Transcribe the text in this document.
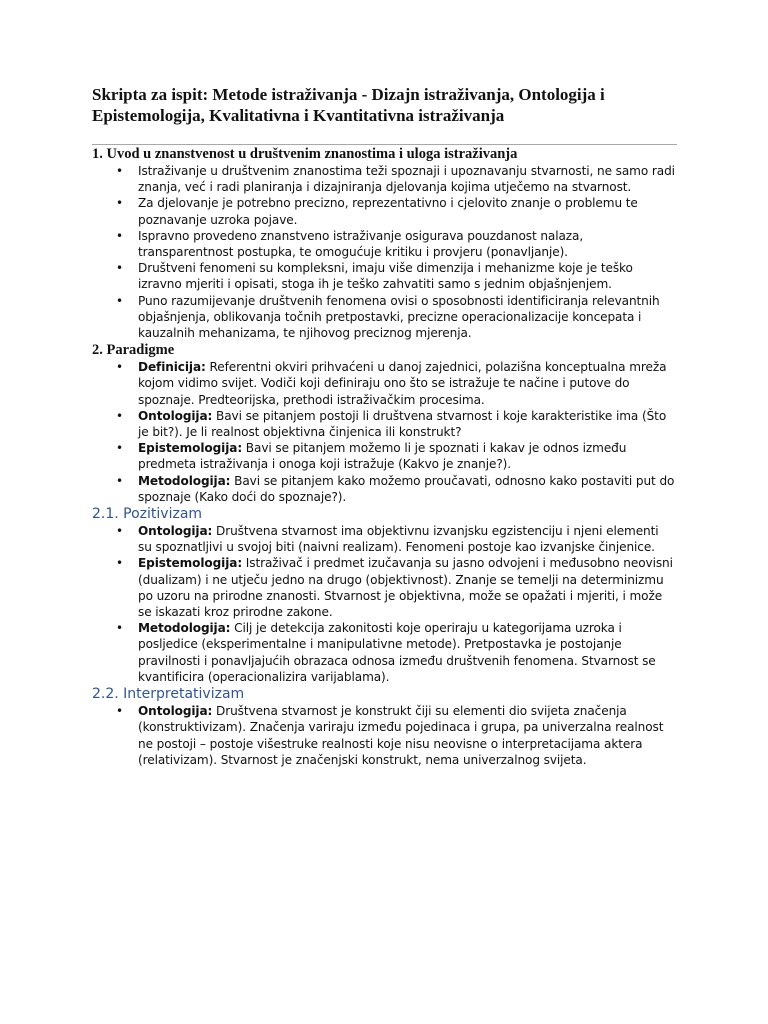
Skripta za ispit: Metode istraživanja - Dizajn istraživanja, Ontologija i
Epistemologija, Kvalitativna i Kvantitativna istraživanja
1. Uvod u znanstvenost u društvenim znanostima i uloga istraživanja
• Istraživanje u društvenim znanostima teži spoznaji i upoznavanju stvarnosti, ne samo radi znanja, već i radi planiranja i dizajniranja djelovanja kojima utječemo na stvarnost.
• Za djelovanje je potrebno precizno, reprezentativno i cjelovito znanje o problemu te poznavanje uzroka pojave.
• Ispravno provedeno znanstveno istraživanje osigurava pouzdanost nalaza, transparentnost postupka, te omogućuje kritiku i provjeru (ponavljanje).
• Društveni fenomeni su kompleksni, imaju više dimenzija i mehanizme koje je teško izravno mjeriti i opisati, stoga ih je teško zahvatiti samo s jednim objašnjenjem.
• Puno razumijevanje društvenih fenomena ovisi o sposobnosti identificiranja relevantnih objašnjenja, oblikovanja točnih pretpostavki, precizne operacionalizacije koncepata i kauzalnih mehanizama, te njihovog preciznog mjerenja.
2. Paradigme
• Definicija: Referentni okviri prihvaćeni u danoj zajednici, polazišna konceptualna mreža kojom vidimo svijet. Vodiči koji definiraju ono što se istražuje te načine i putove do spoznaje. Predteorijska, prethodi istraživačkim procesima.
• Ontologija: Bavi se pitanjem postoji li društvena stvarnost i koje karakteristike ima (Što je bit?). Je li realnost objektivna činjenica ili konstrukt?
• Epistemologija: Bavi se pitanjem možemo li je spoznati i kakav je odnos između predmeta istraživanja i onoga koji istražuje (Kakvo je znanje?).
• Metodologija: Bavi se pitanjem kako možemo proučavati, odnosno kako postaviti put do spoznaje (Kako doći do spoznaje?).
2.1. Pozitivizam
• Ontologija: Društvena stvarnost ima objektivnu izvanjsku egzistenciju i njeni elementi su spoznatljivi u svojoj biti (naivni realizam). Fenomeni postoje kao izvanjske činjenice.
• Epistemologija: Istraživač i predmet izučavanja su jasno odvojeni i međusobno neovisni (dualizam) i ne utječu jedno na drugo (objektivnost). Znanje se temelji na determinizmu po uzoru na prirodne znanosti. Stvarnost je objektivna, može se opažati i mjeriti, i može se iskazati kroz prirodne zakone.
• Metodologija: Cilj je detekcija zakonitosti koje operiraju u kategorijama uzroka i posljedice (eksperimentalne i manipulativne metode). Pretpostavka je postojanje pravilnosti i ponavljajućih obrazaca odnosa između društvenih fenomena. Stvarnost se kvantificira (operacionalizira varijablama).
2.2. Interpretativizam
• Ontologija: Društvena stvarnost je konstrukt čiji su elementi dio svijeta značenja (konstruktivizam). Značenja variraju između pojedinaca i grupa, pa univerzalna realnost ne postoji – postoje višestruke realnosti koje nisu neovisne o interpretacijama aktera (relativizam). Stvarnost je značenjski konstrukt, nema univerzalnog svijeta.
